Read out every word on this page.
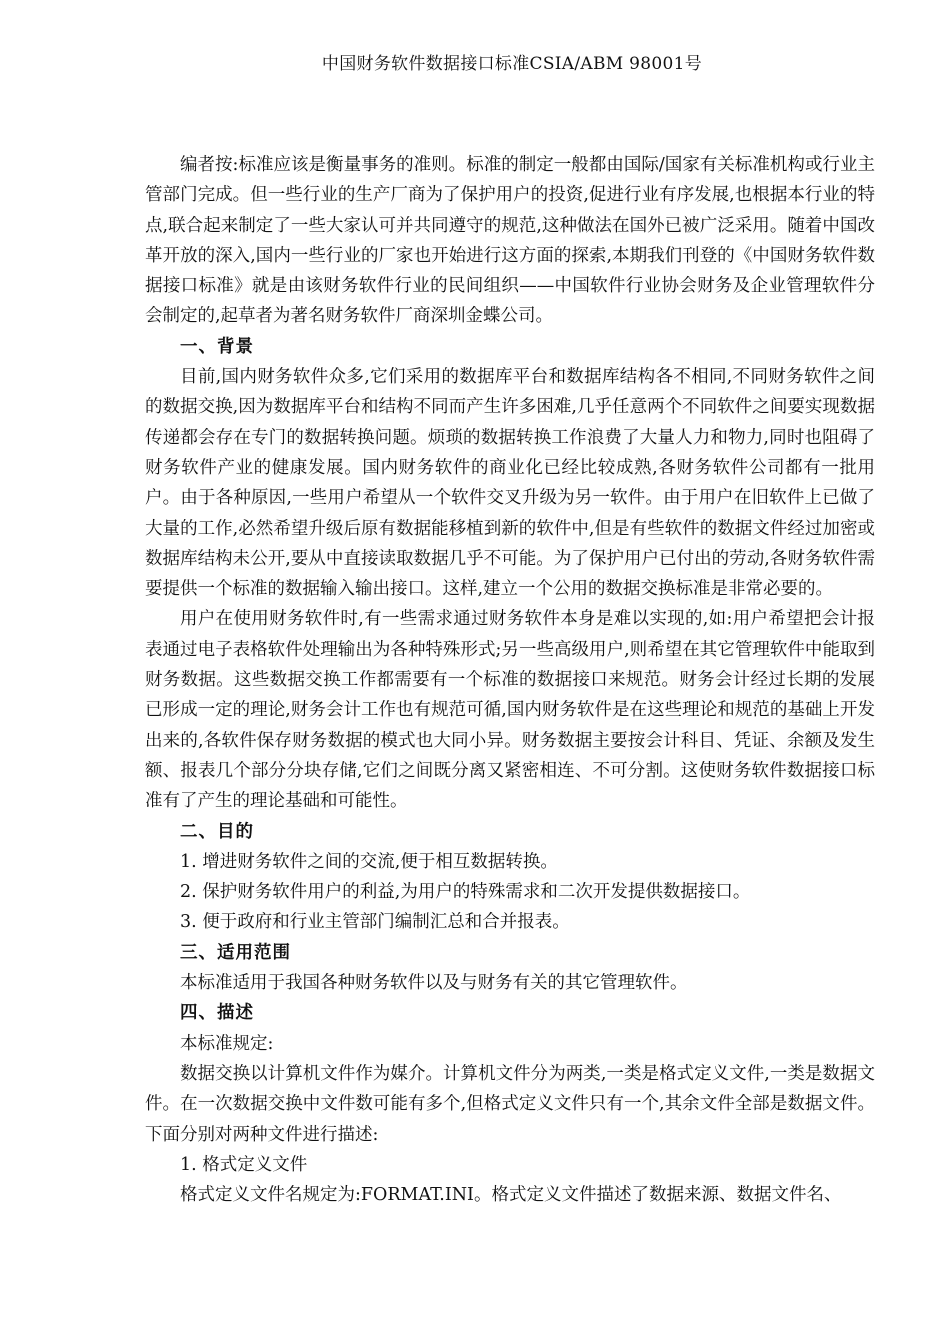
中国财务软件数据接口标准CSIA/ABM 98001号

编者按:标准应该是衡量事务的准则。标准的制定一般都由国际/国家有关标准机构或行业主管部门完成。但一些行业的生产厂商为了保护用户的投资,促进行业有序发展,也根据本行业的特点,联合起来制定了一些大家认可并共同遵守的规范,这种做法在国外已被广泛采用。随着中国改革开放的深入,国内一些行业的厂家也开始进行这方面的探索,本期我们刊登的《中国财务软件数据接口标准》就是由该财务软件行业的民间组织——中国软件行业协会财务及企业管理软件分会制定的,起草者为著名财务软件厂商深圳金蝶公司。

一、背景

目前,国内财务软件众多,它们采用的数据库平台和数据库结构各不相同,不同财务软件之间的数据交换,因为数据库平台和结构不同而产生许多困难,几乎任意两个不同软件之间要实现数据传递都会存在专门的数据转换问题。烦琐的数据转换工作浪费了大量人力和物力,同时也阻碍了财务软件产业的健康发展。国内财务软件的商业化已经比较成熟,各财务软件公司都有一批用户。由于各种原因,一些用户希望从一个软件交叉升级为另一软件。由于用户在旧软件上已做了大量的工作,必然希望升级后原有数据能移植到新的软件中,但是有些软件的数据文件经过加密或数据库结构未公开,要从中直接读取数据几乎不可能。为了保护用户已付出的劳动,各财务软件需要提供一个标准的数据输入输出接口。这样,建立一个公用的数据交换标准是非常必要的。

用户在使用财务软件时,有一些需求通过财务软件本身是难以实现的,如:用户希望把会计报表通过电子表格软件处理输出为各种特殊形式;另一些高级用户,则希望在其它管理软件中能取到财务数据。这些数据交换工作都需要有一个标准的数据接口来规范。财务会计经过长期的发展已形成一定的理论,财务会计工作也有规范可循,国内财务软件是在这些理论和规范的基础上开发出来的,各软件保存财务数据的模式也大同小异。财务数据主要按会计科目、凭证、余额及发生额、报表几个部分分块存储,它们之间既分离又紧密相连、不可分割。这使财务软件数据接口标准有了产生的理论基础和可能性。

二、目的
1. 增进财务软件之间的交流,便于相互数据转换。
2. 保护财务软件用户的利益,为用户的特殊需求和二次开发提供数据接口。
3. 便于政府和行业主管部门编制汇总和合并报表。
三、适用范围
本标准适用于我国各种财务软件以及与财务有关的其它管理软件。
四、描述
本标准规定:

数据交换以计算机文件作为媒介。计算机文件分为两类,一类是格式定义文件,一类是数据文件。在一次数据交换中文件数可能有多个,但格式定义文件只有一个,其余文件全部是数据文件。下面分别对两种文件进行描述:

1. 格式定义文件

格式定义文件名规定为:FORMAT.INI。格式定义文件描述了数据来源、数据文件名、
